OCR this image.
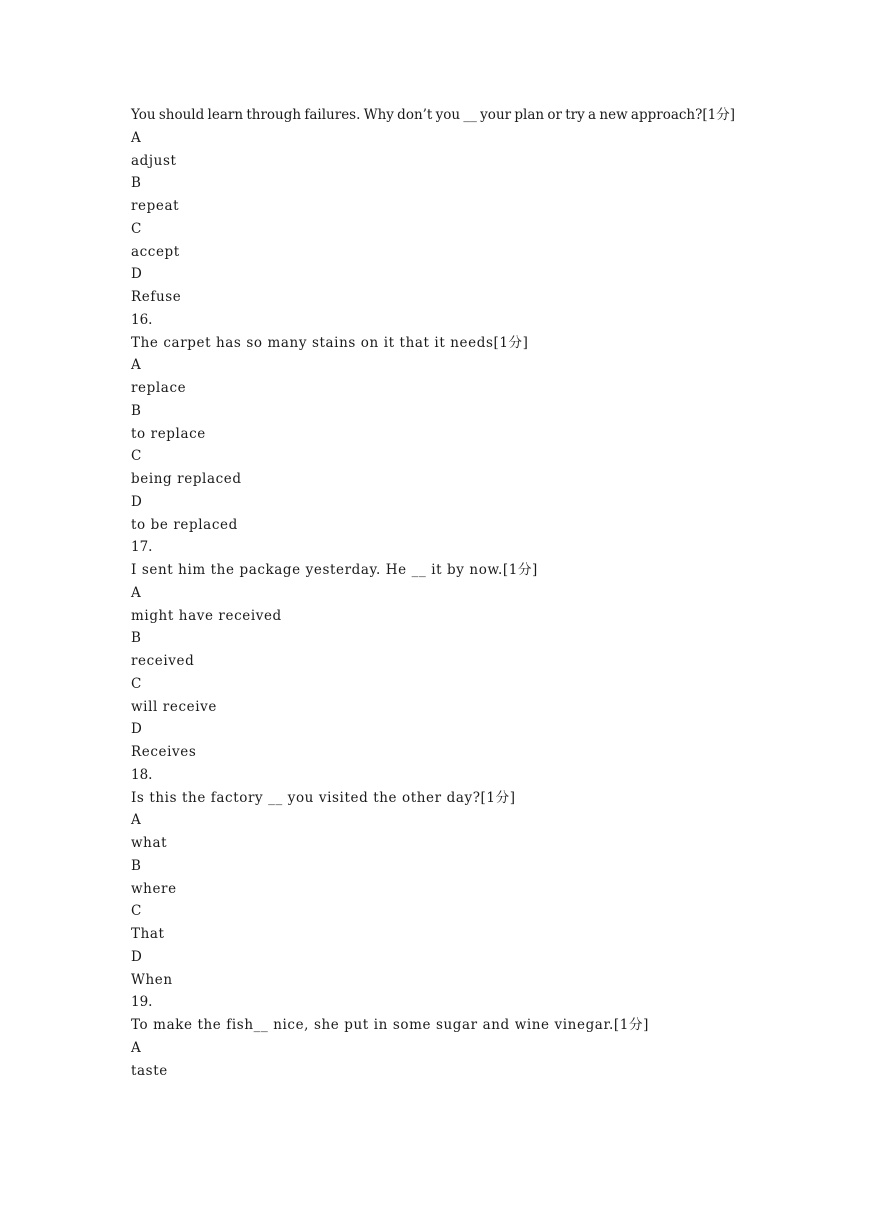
You should learn through failures. Why don’t you __ your plan or try a new approach?[1分]
A
adjust
B
repeat
C
accept
D
Refuse
16.
The carpet has so many stains on it that it needs[1分]
A
replace
B
to replace
C
being replaced
D
to be replaced
17.
I sent him the package yesterday. He __ it by now.[1分]
A
might have received
B
received
C
will receive
D
Receives
18.
Is this the factory __ you visited the other day?[1分]
A
what
B
where
C
That
D
When
19.
To make the fish__ nice, she put in some sugar and wine vinegar.[1分]
A
taste
